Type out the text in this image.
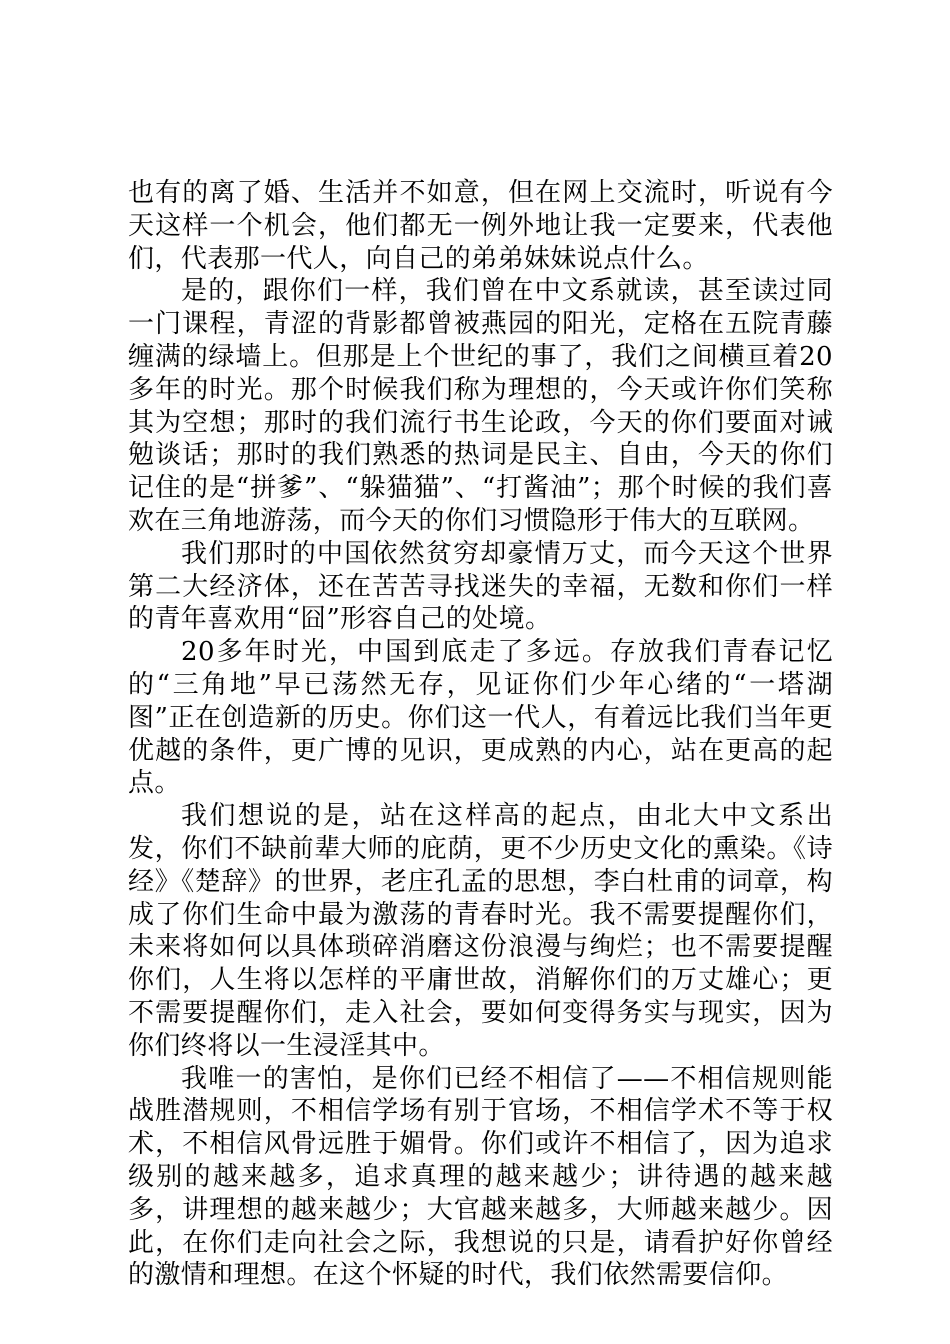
也有的离了婚、生活并不如意，但在网上交流时，听说有今天这样一个机会，他们都无一例外地让我一定要来，代表他们，代表那一代人，向自己的弟弟妹妹说点什么。

是的，跟你们一样，我们曾在中文系就读，甚至读过同一门课程，青涩的背影都曾被燕园的阳光，定格在五院青藤缠满的绿墙上。但那是上个世纪的事了，我们之间横亘着20多年的时光。那个时候我们称为理想的，今天或许你们笑称其为空想；那时的我们流行书生论政，今天的你们要面对诫勉谈话；那时的我们熟悉的热词是民主、自由，今天的你们记住的是“拼爹”、“躲猫猫”、“打酱油”；那个时候的我们喜欢在三角地游荡，而今天的你们习惯隐形于伟大的互联网。

我们那时的中国依然贫穷却豪情万丈，而今天这个世界第二大经济体，还在苦苦寻找迷失的幸福，无数和你们一样的青年喜欢用“囧”形容自己的处境。

20多年时光，中国到底走了多远。存放我们青春记忆的“三角地”早已荡然无存，见证你们少年心绪的“一塔湖图”正在创造新的历史。你们这一代人，有着远比我们当年更优越的条件，更广博的见识，更成熟的内心，站在更高的起点。

我们想说的是，站在这样高的起点，由北大中文系出发，你们不缺前辈大师的庇荫，更不少历史文化的熏染。《诗经》《楚辞》的世界，老庄孔孟的思想，李白杜甫的词章，构成了你们生命中最为激荡的青春时光。我不需要提醒你们，未来将如何以具体琐碎消磨这份浪漫与绚烂；也不需要提醒你们，人生将以怎样的平庸世故，消解你们的万丈雄心；更不需要提醒你们，走入社会，要如何变得务实与现实，因为你们终将以一生浸淫其中。

我唯一的害怕，是你们已经不相信了——不相信规则能战胜潜规则，不相信学场有别于官场，不相信学术不等于权术，不相信风骨远胜于媚骨。你们或许不相信了，因为追求级别的越来越多，追求真理的越来越少；讲待遇的越来越多，讲理想的越来越少；大官越来越多，大师越来越少。因此，在你们走向社会之际，我想说的只是，请看护好你曾经的激情和理想。在这个怀疑的时代，我们依然需要信仰。
